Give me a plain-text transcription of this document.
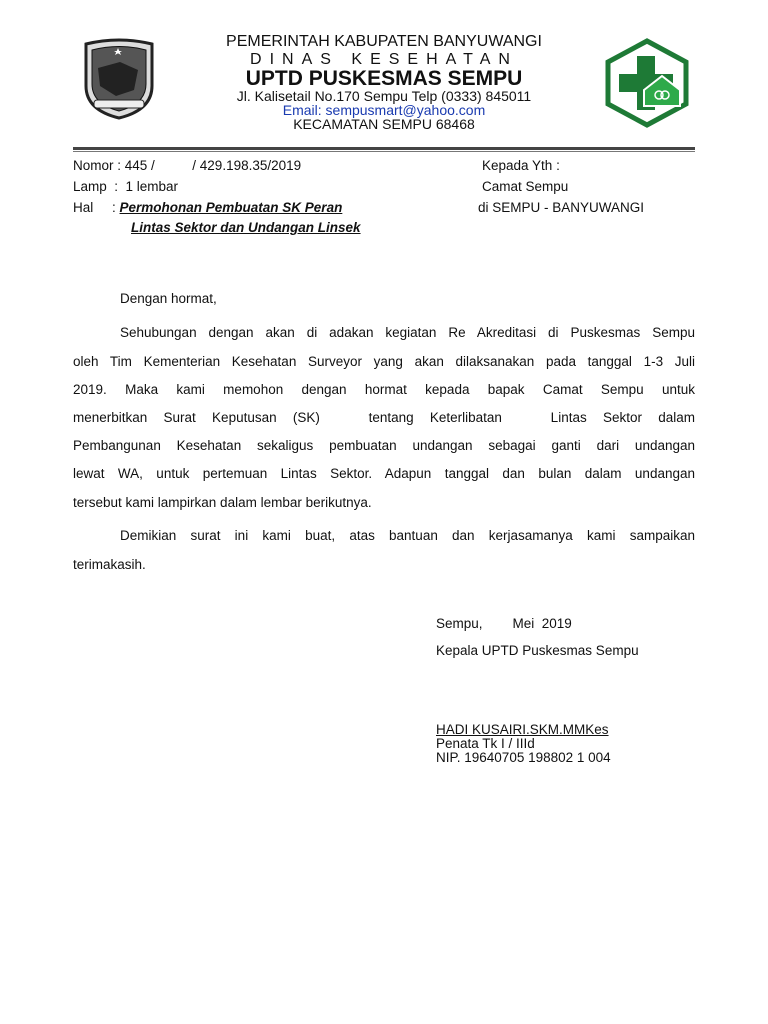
PEMERINTAH KABUPATEN BANYUWANGI
DINAS KESEHATAN
UPTD PUSKESMAS SEMPU
Jl. Kalisetail No.170 Sempu Telp (0333) 845011
Email: sempusmart@yahoo.com
KECAMATAN SEMPU 68468
Nomor : 445 /          / 429.198.35/2019
Lamp  :  1 lembar
Hal     : Permohonan Pembuatan SK Peran
Lintas Sektor dan Undangan Linsek
Kepada Yth :
Camat Sempu
di SEMPU - BANYUWANGI
Dengan hormat,
Sehubungan dengan akan di adakan kegiatan Re Akreditasi di Puskesmas Sempu
oleh Tim Kementerian Kesehatan Surveyor yang akan dilaksanakan pada tanggal 1-3 Juli
2019. Maka kami memohon dengan hormat kepada bapak Camat Sempu untuk
menerbitkan Surat Keputusan (SK)   tentang Keterlibatan   Lintas Sektor dalam
Pembangunan Kesehatan sekaligus pembuatan undangan sebagai ganti dari undangan
lewat WA, untuk pertemuan Lintas Sektor. Adapun tanggal dan bulan dalam undangan
tersebut kami lampirkan dalam lembar berikutnya.
Demikian surat ini kami buat, atas bantuan dan kerjasamanya kami sampaikan
terimakasih.
Sempu,        Mei  2019
Kepala UPTD Puskesmas Sempu
HADI KUSAIRI.SKM.MMKes
Penata Tk I / IIId
NIP. 19640705 198802 1 004
